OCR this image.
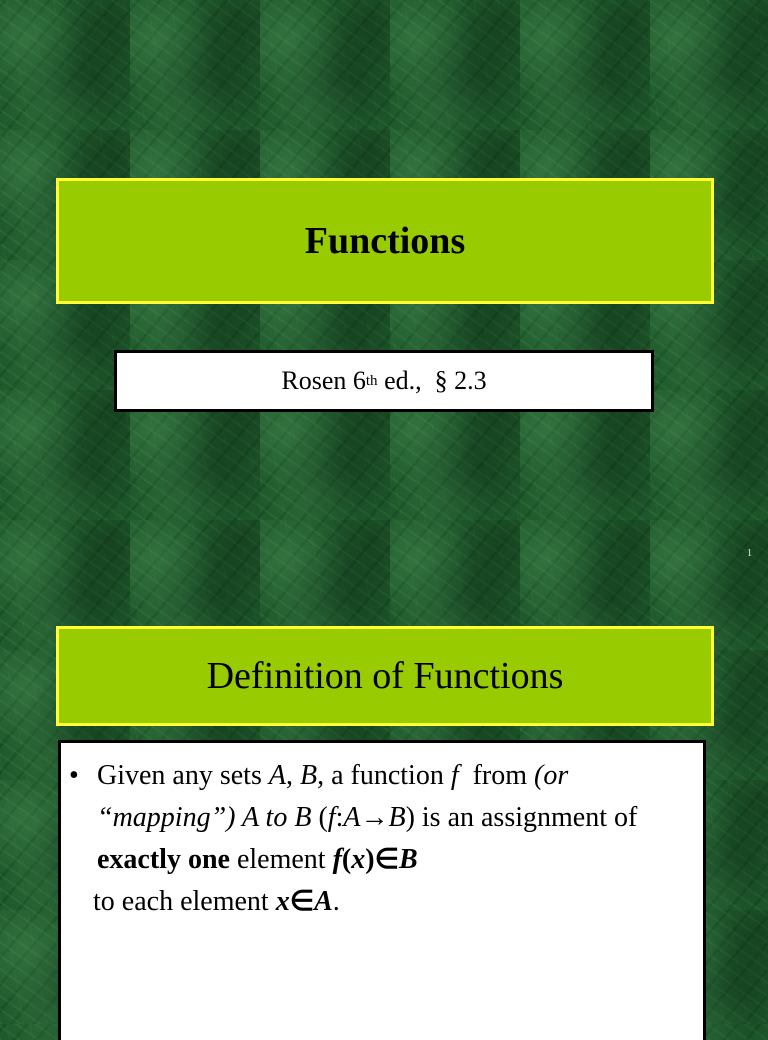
Functions
Rosen 6 th ed.,  § 2.3
1
Definition of Functions
• Given any sets A, B, a function f  from (or “mapping”) A to B (f:A→B) is an assignment of exactly one element f(x)∈B
to each element x∈A.
